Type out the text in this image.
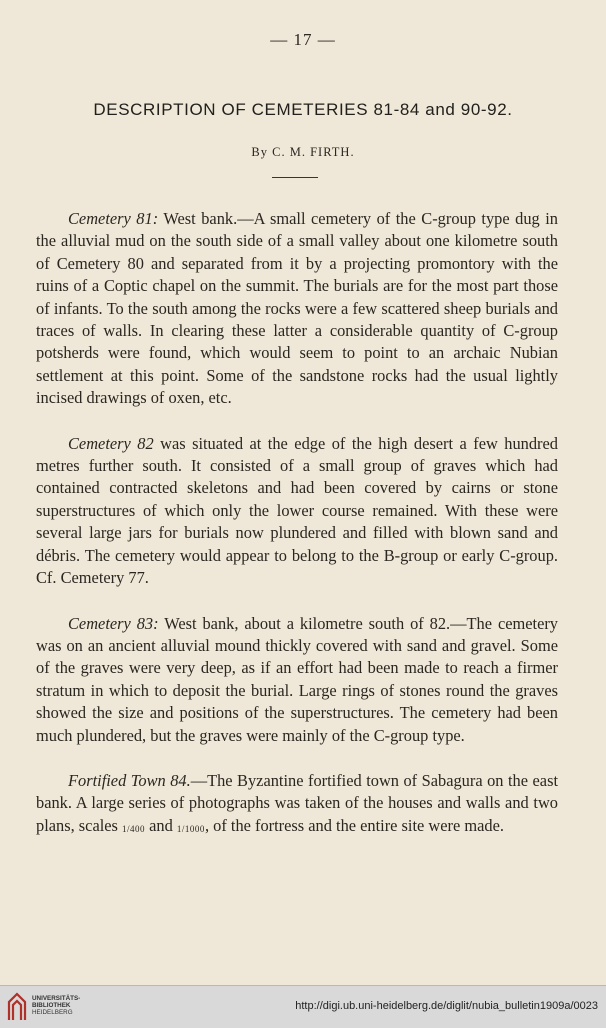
— 17 —
DESCRIPTION OF CEMETERIES 81-84 and 90-92.
By C. M. FIRTH.

Cemetery 81: West bank.—A small cemetery of the C-group type dug in the alluvial mud on the south side of a small valley about one kilometre south of Cemetery 80 and separated from it by a projecting promontory with the ruins of a Coptic chapel on the summit. The burials are for the most part those of infants. To the south among the rocks were a few scattered sheep burials and traces of walls. In clearing these latter a considerable quantity of C-group potsherds were found, which would seem to point to an archaic Nubian settlement at this point. Some of the sandstone rocks had the usual lightly incised drawings of oxen, etc.

Cemetery 82 was situated at the edge of the high desert a few hundred metres further south. It consisted of a small group of graves which had contained contracted skeletons and had been covered by cairns or stone superstructures of which only the lower course remained. With these were several large jars for burials now plundered and filled with blown sand and débris. The cemetery would appear to belong to the B-group or early C-group. Cf. Cemetery 77.

Cemetery 83: West bank, about a kilometre south of 82.—The cemetery was on an ancient alluvial mound thickly covered with sand and gravel. Some of the graves were very deep, as if an effort had been made to reach a firmer stratum in which to deposit the burial. Large rings of stones round the graves showed the size and positions of the superstructures. The cemetery had been much plundered, but the graves were mainly of the C-group type.

Fortified Town 84.—The Byzantine fortified town of Sabagura on the east bank. A large series of photographs was taken of the houses and walls and two plans, scales 1/400 and 1/1000, of the fortress and the entire site were made.

UNIVERSITÄTS-
BIBLIOTHEK
HEIDELBERG
http://digi.ub.uni-heidelberg.de/diglit/nubia_bulletin1909a/0023
